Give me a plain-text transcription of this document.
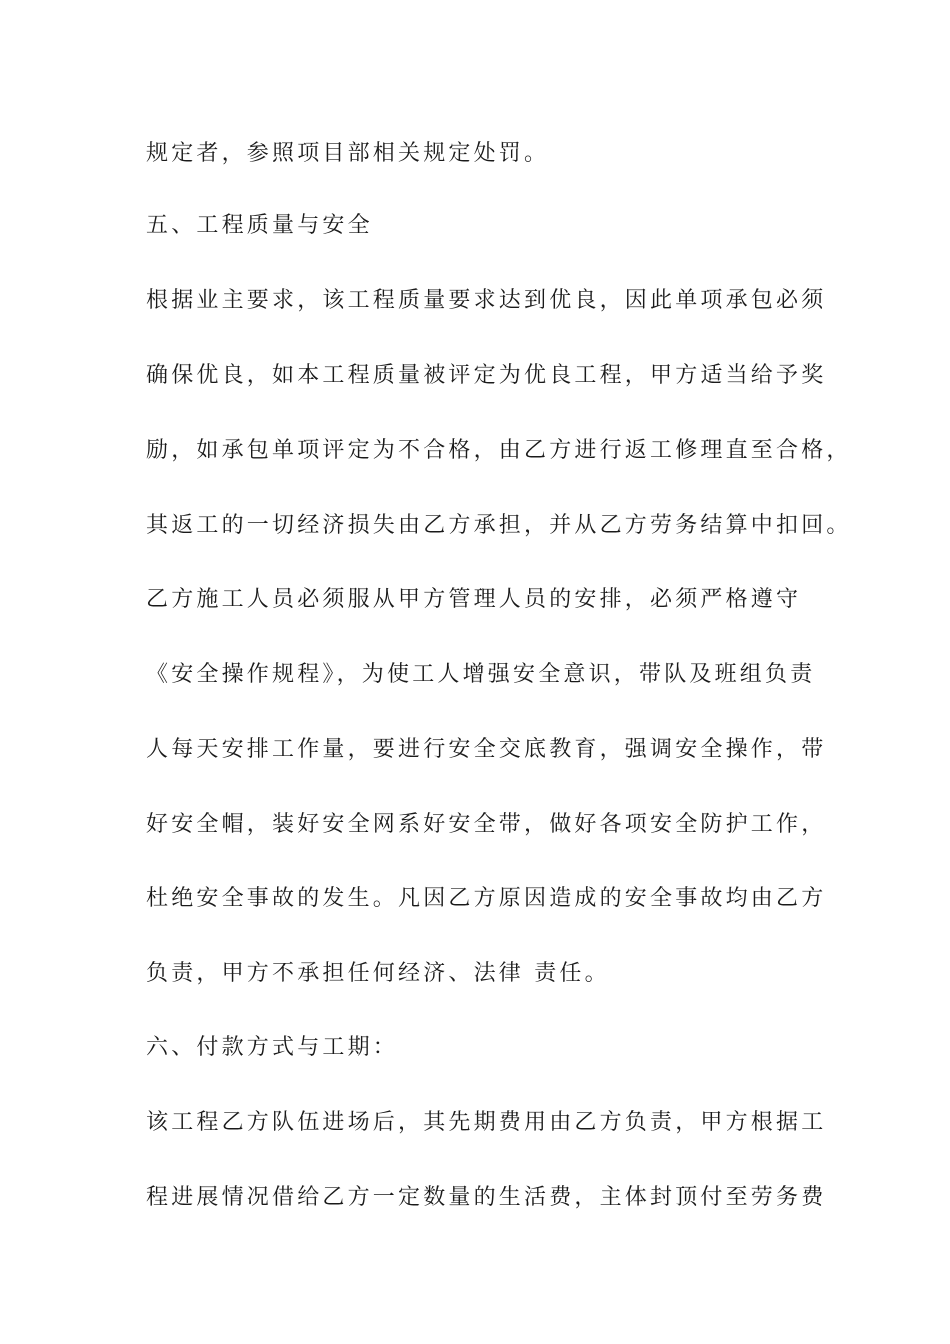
规定者，参照项目部相关规定处罚。
五、工程质量与安全
根据业主要求，该工程质量要求达到优良，因此单项承包必须
确保优良，如本工程质量被评定为优良工程，甲方适当给予奖
励，如承包单项评定为不合格，由乙方进行返工修理直至合格，
其返工的一切经济损失由乙方承担，并从乙方劳务结算中扣回。
乙方施工人员必须服从甲方管理人员的安排，必须严格遵守
《安全操作规程》，为使工人增强安全意识，带队及班组负责
人每天安排工作量，要进行安全交底教育，强调安全操作，带
好安全帽，装好安全网系好安全带，做好各项安全防护工作，
杜绝安全事故的发生。凡因乙方原因造成的安全事故均由乙方
负责，甲方不承担任何经济、法律 责任。
六、付款方式与工期：
该工程乙方队伍进场后，其先期费用由乙方负责，甲方根据工
程进展情况借给乙方一定数量的生活费，主体封顶付至劳务费
